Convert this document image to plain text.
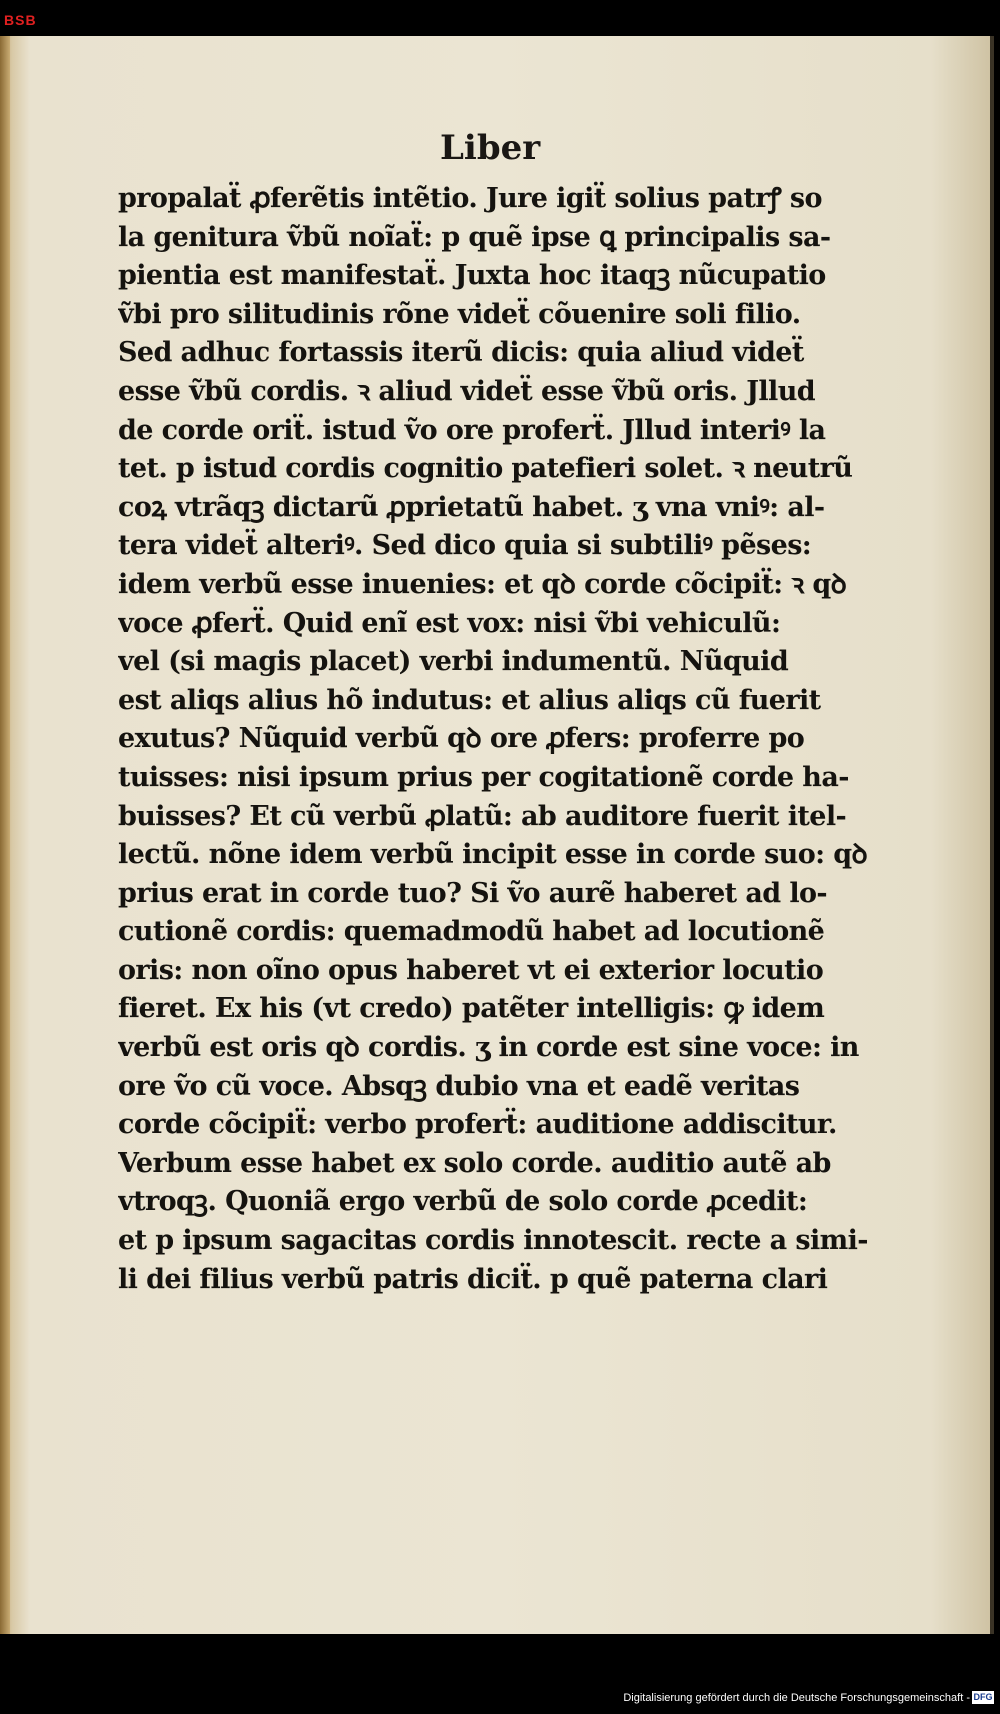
BSB
Liber
propalaẗ ꝓferẽtis intẽtio. Jure igiẗ solius patrꝭ so
la genitura ṽbũ noĩaẗ: p quẽ ipse ꝗ principalis sa-
pientia est manifestaẗ. Juxta hoc itaqꝫ nũcupatio
ṽbi pro silitudinis rõne videẗ cõuenire soli filio.
Sed adhuc fortassis iterũ dicis: quia aliud videẗ
esse ṽbũ cordis. ꝛ aliud videẗ esse ṽbũ oris. Jllud
de corde oriẗ. istud ṽo ore proferẗ. Jllud interiꝰ la
tet. p istud cordis cognitio patefieri solet. ꝛ neutrũ
coꝝ vtrãqꝫ dictarũ ꝓprietatũ habet. ʒ vna vniꝰ: al-
tera videẗ alteriꝰ. Sed dico quia si subtiliꝰ pẽses:
idem verbũ esse inuenies: et qꝺ corde cõcipiẗ: ꝛ qꝺ
voce ꝓferẗ. Quid enĩ est vox: nisi ṽbi vehiculũ:
vel (si magis placet) verbi indumentũ. Nũquid
est aliqs alius hõ indutus: et alius aliqs cũ fuerit
exutus? Nũquid verbũ qꝺ ore ꝓfers: proferre po
tuisses: nisi ipsum prius per cogitationẽ corde ha-
buisses? Et cũ verbũ ꝓlatũ: ab auditore fuerit itel-
lectũ. nõne idem verbũ incipit esse in corde suo: qꝺ
prius erat in corde tuo? Si ṽo aurẽ haberet ad lo-
cutionẽ cordis: quemadmodũ habet ad locutionẽ
oris: non oĩno opus haberet vt ei exterior locutio
fieret. Ex his (vt credo) patẽter intelligis: ꝙ idem
verbũ est oris qꝺ cordis. ʒ in corde est sine voce: in
ore ṽo cũ voce. Absqꝫ dubio vna et eadẽ veritas
corde cõcipiẗ: verbo proferẗ: auditione addiscitur.
Verbum esse habet ex solo corde. auditio autẽ ab
vtroqꝫ. Quoniã ergo verbũ de solo corde ꝓcedit:
et p ipsum sagacitas cordis innotescit. recte a simi-
li dei filius verbũ patris diciẗ. p quẽ paterna clari
Digitalisierung gefördert durch die Deutsche Forschungsgemeinschaft - DFG
